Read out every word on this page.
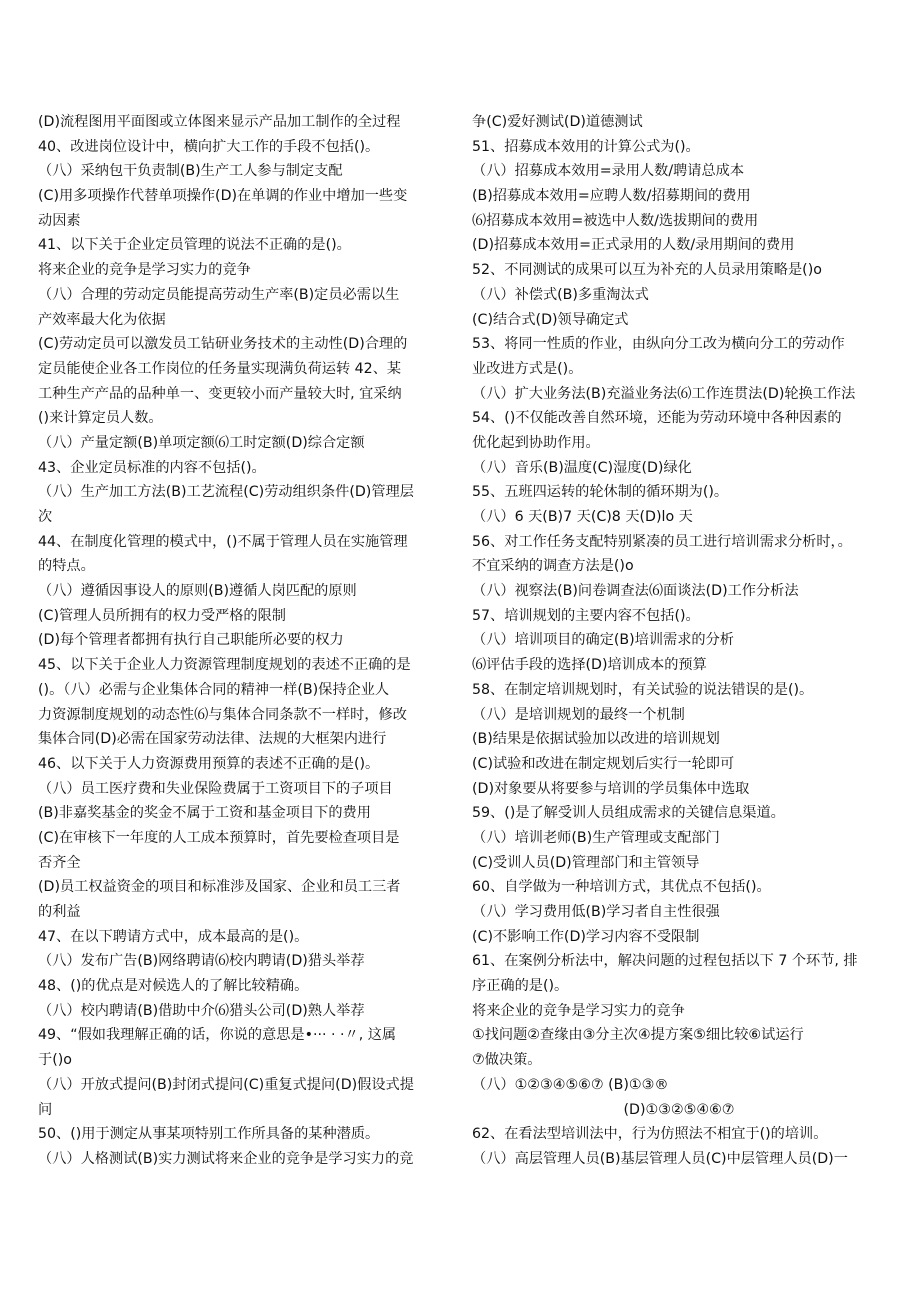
(D)流程图用平面图或立体图来显示产品加工制作的全过程
40、改进岗位设计中，横向扩大工作的手段不包括()。
（八）采纳包干负责制(B)生产工人参与制定支配
(C)用多项操作代替单项操作(D)在单调的作业中增加一些变
动因素
41、以下关于企业定员管理的说法不正确的是()。
将来企业的竞争是学习实力的竞争
（八）合理的劳动定员能提高劳动生产率(B)定员必需以生
产效率最大化为依据
(C)劳动定员可以激发员工钻研业务技术的主动性(D)合理的
定员能使企业各工作岗位的任务量实现满负荷运转 42、某
工种生产产品的品种单一、变更较小而产量较大时, 宜采纳
()来计算定员人数。
（八）产量定额(B)单项定额⑹工时定额(D)综合定额
43、企业定员标准的内容不包括()。
（八）生产加工方法(B)工艺流程(C)劳动组织条件(D)管理层
次
44、在制度化管理的模式中，()不属于管理人员在实施管理
的特点。
（八）遵循因事设人的原则(B)遵循人岗匹配的原则
(C)管理人员所拥有的权力受严格的限制
(D)每个管理者都拥有执行自己职能所必要的权力
45、以下关于企业人力资源管理制度规划的表述不正确的是
()。（八）必需与企业集体合同的精神一样(B)保持企业人
力资源制度规划的动态性⑹与集体合同条款不一样时，修改
集体合同(D)必需在国家劳动法律、法规的大框架内进行
46、以下关于人力资源费用预算的表述不正确的是()。
（八）员工医疗费和失业保险费属于工资项目下的子项目
(B)非嘉奖基金的奖金不属于工资和基金项目下的费用
(C)在审核下一年度的人工成本预算时，首先要检查项目是
否齐全
(D)员工权益资金的项目和标准涉及国家、企业和员工三者
的利益
47、在以下聘请方式中，成本最高的是()。
（八）发布广告(B)网络聘请⑹校内聘请(D)猎头举荐
48、()的优点是对候选人的了解比较精确。
（八）校内聘请(B)借助中介⑹猎头公司(D)熟人举荐
49、“假如我理解正确的话，你说的意思是•··· · ·〃, 这属
于()o
（八）开放式提问(B)封闭式提问(C)重复式提问(D)假设式提
问
50、()用于测定从事某项特别工作所具备的某种潜质。
（八）人格测试(B)实力测试将来企业的竞争是学习实力的竞
争(C)爱好测试(D)道德测试
51、招募成本效用的计算公式为()。
（八）招募成本效用=录用人数/聘请总成本
(B)招募成本效用=应聘人数/招募期间的费用
⑹招募成本效用=被选中人数/选拔期间的费用
(D)招募成本效用=正式录用的人数/录用期间的费用
52、不同测试的成果可以互为补充的人员录用策略是()o
（八）补偿式(B)多重淘汰式
(C)结合式(D)领导确定式
53、将同一性质的作业，由纵向分工改为横向分工的劳动作
业改进方式是()。
（八）扩大业务法(B)充溢业务法⑹工作连贯法(D)轮换工作法
54、()不仅能改善自然环境，还能为劳动环境中各种因素的
优化起到协助作用。
（八）音乐(B)温度(C)湿度(D)绿化
55、五班四运转的轮休制的循环期为()。
（八）6 天(B)7 天(C)8 天(D)lo 天
56、对工作任务支配特别紧凑的员工进行培训需求分析时，。
不宜采纳的调查方法是()o
（八）视察法(B)问卷调查法⑹面谈法(D)工作分析法
57、培训规划的主要内容不包括()。
（八）培训项目的确定(B)培训需求的分析
⑹评估手段的选择(D)培训成本的预算
58、在制定培训规划时，有关试验的说法错误的是()。
（八）是培训规划的最终一个机制
(B)结果是依据试验加以改进的培训规划
(C)试验和改进在制定规划后实行一轮即可
(D)对象要从将要参与培训的学员集体中选取
59、()是了解受训人员组成需求的关键信息渠道。
（八）培训老师(B)生产管理或支配部门
(C)受训人员(D)管理部门和主管领导
60、自学做为一种培训方式，其优点不包括()。
（八）学习费用低(B)学习者自主性很强
(C)不影响工作(D)学习内容不受限制
61、在案例分析法中，解决问题的过程包括以下 7 个环节, 排
序正确的是()。
将来企业的竞争是学习实力的竞争
①找问题②查缘由③分主次④提方案⑤细比较⑥试运行
⑦做决策。
（八）①②③④⑤⑥⑦ (B)①③®
(D)①③②⑤④⑥⑦
62、在看法型培训法中，行为仿照法不相宜于()的培训。
（八）高层管理人员(B)基层管理人员(C)中层管理人员(D)一
